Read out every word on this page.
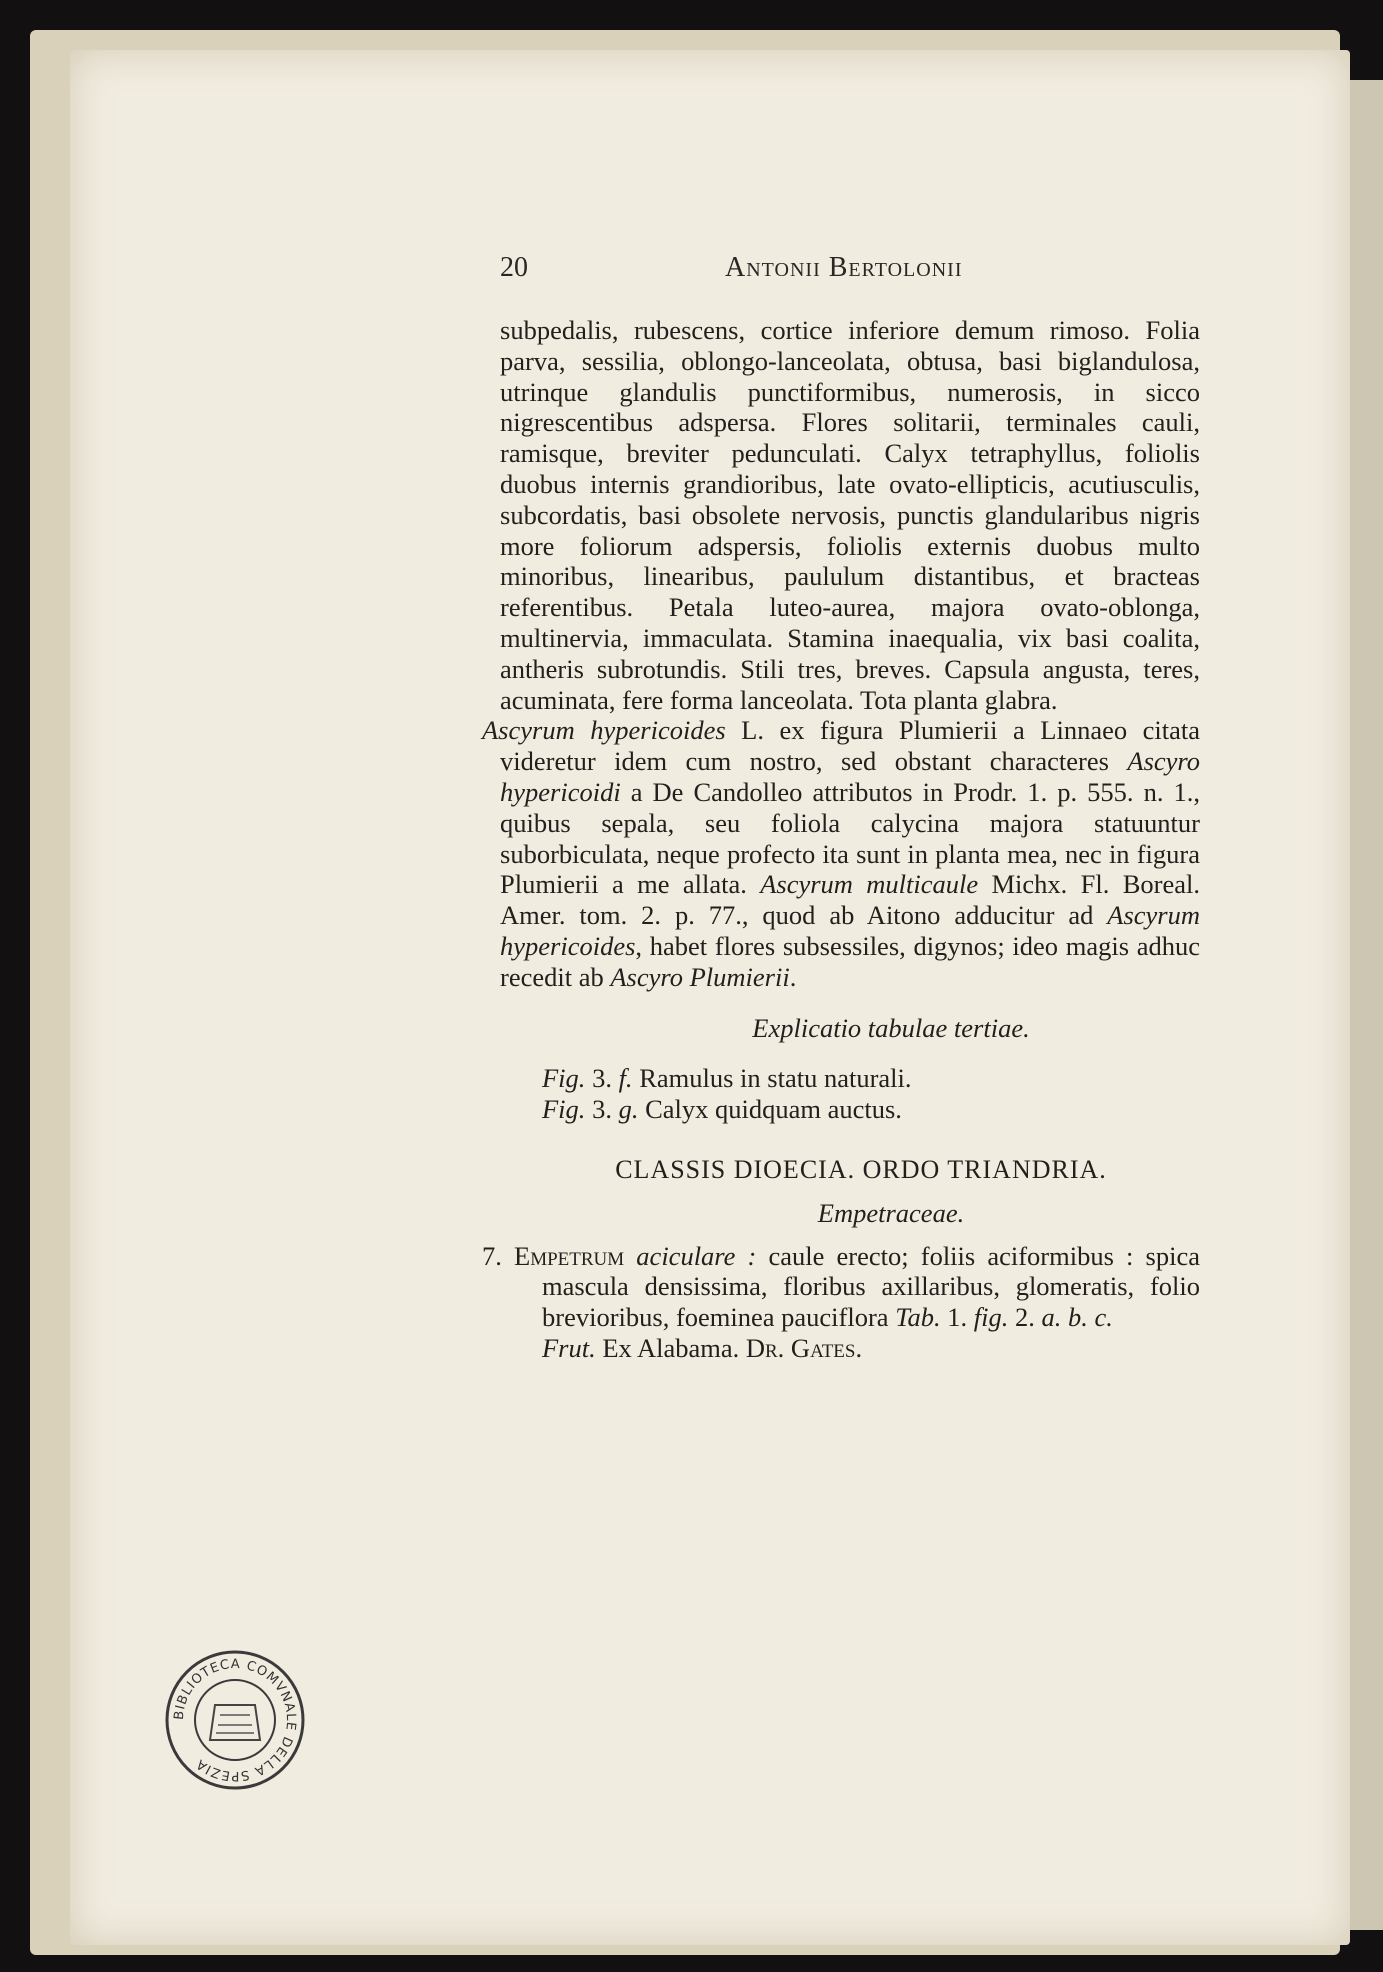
20	Antonii Bertolonii

subpedalis, rubescens, cortice inferiore demum rimoso. Folia parva, sessilia, oblongo-lanceolata, obtusa, basi biglandulosa, utrinque glandulis punctiformibus, numerosis, in sicco nigrescentibus adspersa. Flores solitarii, terminales cauli, ramisque, breviter pedunculati. Calyx tetraphyllus, foliolis duobus internis grandioribus, late ovato-ellipticis, acutiusculis, subcordatis, basi obsolete nervosis, punctis glandularibus nigris more foliorum adspersis, foliolis externis duobus multo minoribus, linearibus, paululum distantibus, et bracteas referentibus. Petala luteo-aurea, majora ovato-oblonga, multinervia, immaculata. Stamina inaequalia, vix basi coalita, antheris subrotundis. Stili tres, breves. Capsula angusta, teres, acuminata, fere forma lanceolata. Tota planta glabra.

Ascyrum hypericoides L. ex figura Plumierii a Linnaeo citata videretur idem cum nostro, sed obstant characteres Ascyro hypericoidi a De Candolleo attributos in Prodr. 1. p. 555. n. 1., quibus sepala, seu foliola calycina majora statuuntur suborbiculata, neque profecto ita sunt in planta mea, nec in figura Plumierii a me allata. Ascyrum multicaule Michx. Fl. Boreal. Amer. tom. 2. p. 77., quod ab Aitono adducitur ad Ascyrum hypericoides, habet flores subsessiles, digynos; ideo magis adhuc recedit ab Ascyro Plumierii.

Explicatio tabulae tertiae.
Fig. 3. f. Ramulus in statu naturali.
Fig. 3. g. Calyx quidquam auctus.
CLASSIS DIOECIA. ORDO TRIANDRIA.
Empetraceae.
7. Empetrum aciculare : caule erecto; foliis aciformibus : spica mascula densissima, floribus axillaribus, glomeratis, folio brevioribus, foeminea pauciflora Tab. 1. fig. 2. a. b. c.
Frut. Ex Alabama. Dr. Gates.
BIBLIOTECA COMVNALE DELLA SPEZIA
